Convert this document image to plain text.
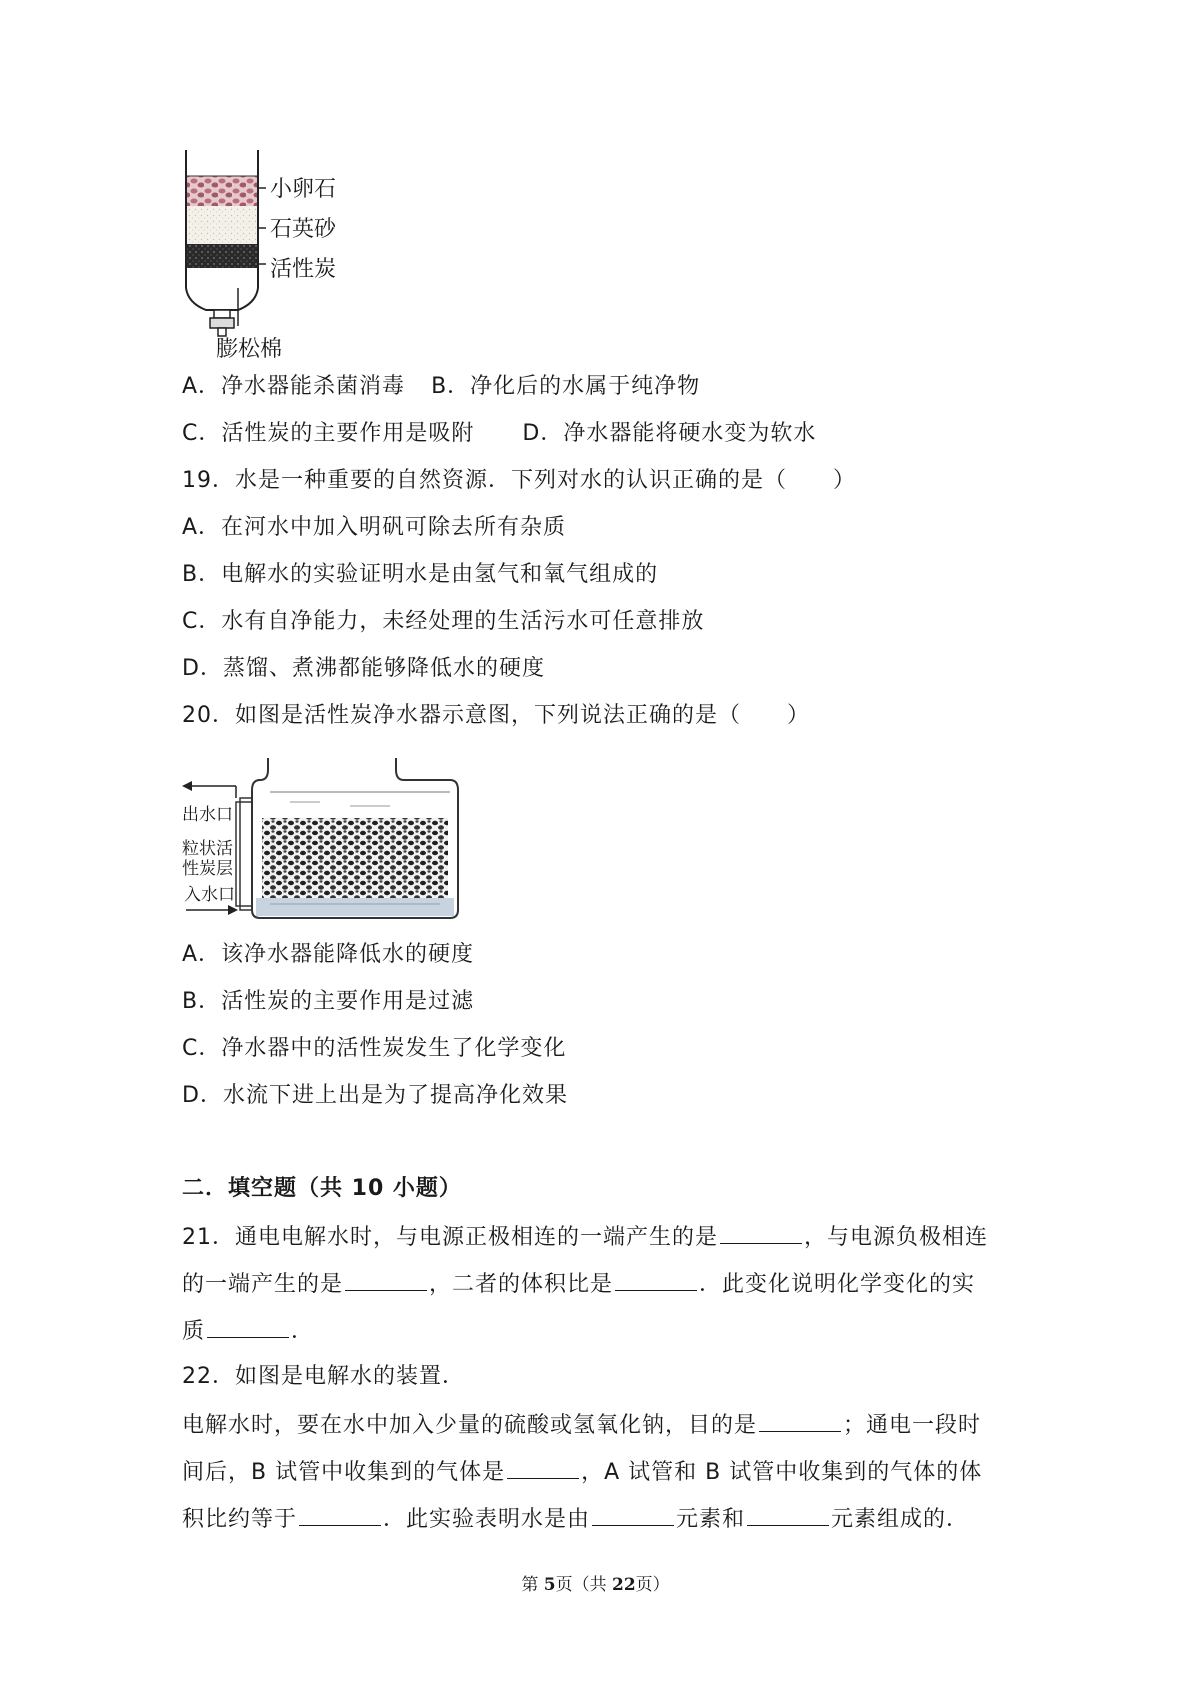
小卵石
石英砂
活性炭
膨松棉
A．净水器能杀菌消毒 B．净化后的水属于纯净物
C．活性炭的主要作用是吸附 D．净水器能将硬水变为软水
19．水是一种重要的自然资源．下列对水的认识正确的是（　　）
A．在河水中加入明矾可除去所有杂质
B．电解水的实验证明水是由氢气和氧气组成的
C．水有自净能力，未经处理的生活污水可任意排放
D．蒸馏、煮沸都能够降低水的硬度
20．如图是活性炭净水器示意图，下列说法正确的是（　　）
出水口
粒状活
性炭层
入水口
A．该净水器能降低水的硬度
B．活性炭的主要作用是过滤
C．净水器中的活性炭发生了化学变化
D．水流下进上出是为了提高净化效果
二．填空题（共 10 小题）
21．通电电解水时，与电源正极相连的一端产生的是	，与电源负极相连
的一端产生的是	，二者的体积比是	．此变化说明化学变化的实
质	．
22．如图是电解水的装置．
电解水时，要在水中加入少量的硫酸或氢氧化钠，目的是	；通电一段时
间后，B 试管中收集到的气体是	，A 试管和 B 试管中收集到的气体的体
积比约等于	．此实验表明水是由	元素和	元素组成的．
第 5页（共 22页）
